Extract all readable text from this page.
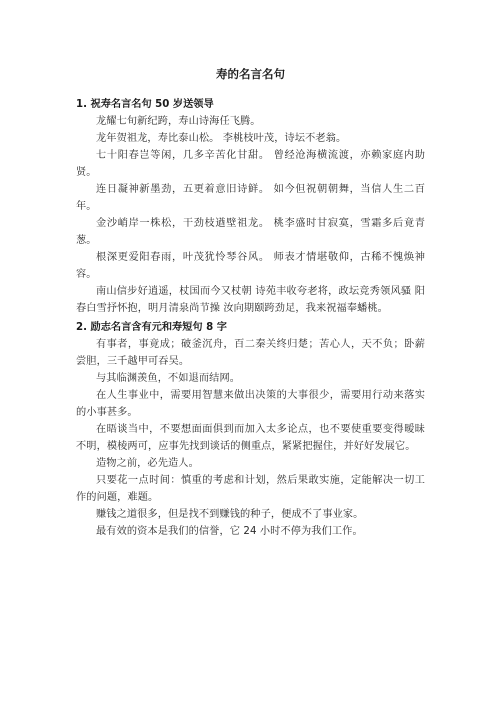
寿的名言名句
1. 祝寿名言名句 50 岁送领导

龙耀七旬新纪跨，寿山诗海任飞腾。

龙年贺祖龙，寿比泰山松。 李桃枝叶茂，诗坛不老翁。

七十阳春岂等闲，几多辛苦化甘甜。 曾经沧海横流渡，亦赖家庭内助贤。

连日凝神新墨劲，五更着意旧诗鲜。 如今但祝朝朝舞，当信人生二百年。

金沙峭岸一株松，干劲枝遒壁祖龙。 桃李盛时甘寂寞，雪霜多后竟青葱。

根深更爱阳春雨，叶茂犹怜琴谷风。 师表才情堪敬仰，古稀不愧焕神容。

南山信步好逍遥，杖国而今又杖朝 诗苑丰收夸老将，政坛竞秀领风骚 阳春白雪抒怀抱，明月清泉尚节操 汝向期颐跨劲足，我来祝福奉蟠桃。

2. 励志名言含有元和寿短句 8 字

有事者，事竟成；破釜沉舟，百二秦关终归楚；苦心人，天不负；卧薪尝胆，三千越甲可吞吴。

与其临渊羡鱼，不如退而结网。

在人生事业中，需要用智慧来做出决策的大事很少，需要用行动来落实的小事甚多。

在晤谈当中，不要想面面俱到而加入太多论点，也不要使重要变得暧昧不明，模棱两可，应事先找到谈话的侧重点，紧紧把握住，并好好发展它。

造物之前，必先造人。

只要花一点时间：慎重的考虑和计划，然后果敢实施，定能解决一切工作的问题，难题。

赚钱之道很多，但是找不到赚钱的种子，便成不了事业家。

最有效的资本是我们的信誉，它 24 小时不停为我们工作。
